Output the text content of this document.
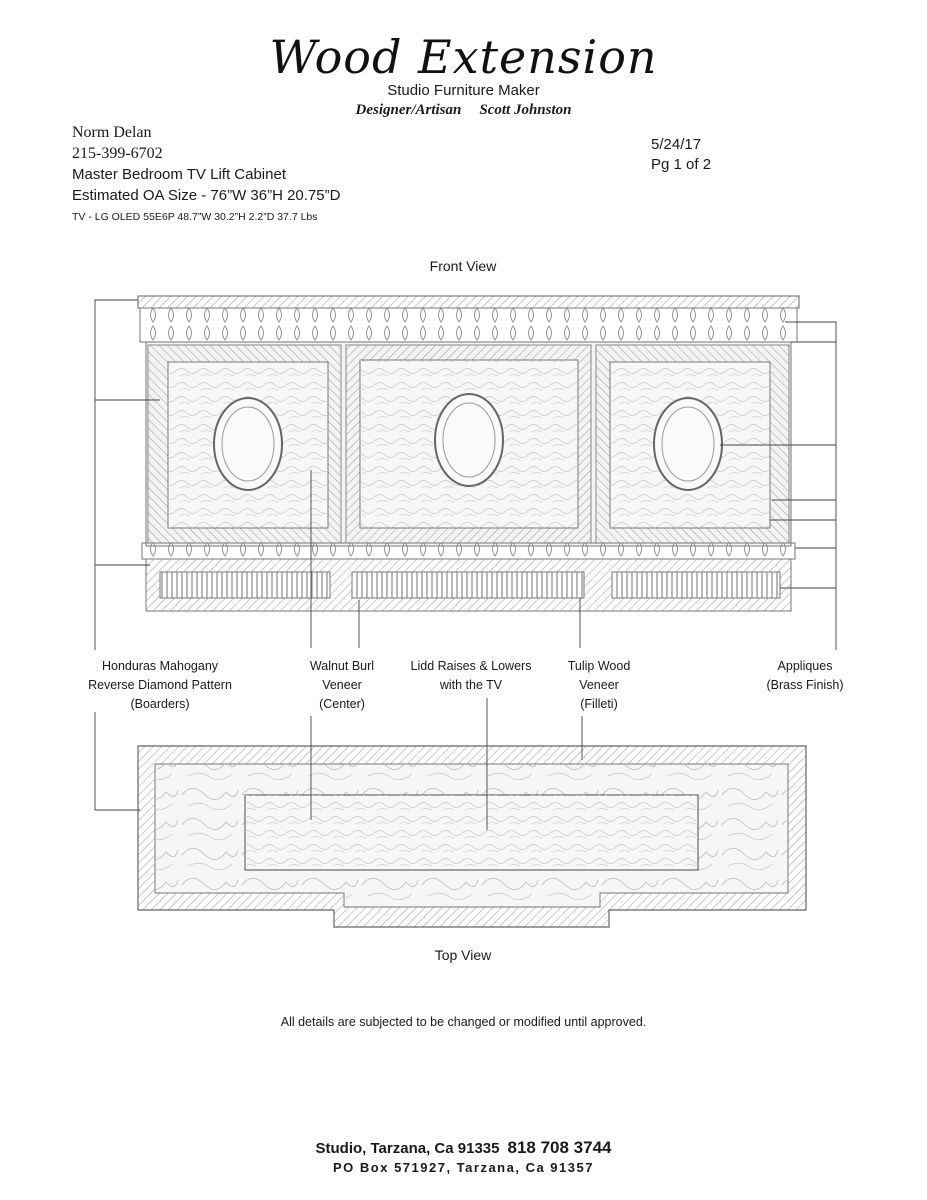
Wood Extension
Studio Furniture Maker
Designer/Artisan Scott Johnston
Norm Delan
215-399-6702
Master Bedroom TV Lift Cabinet
Estimated OA Size - 76”W 36”H 20.75”D
TV - LG OLED 55E6P 48.7”W 30.2”H 2.2”D 37.7 Lbs
5/24/17
Pg 1 of 2
Front View
Top View
Honduras Mahogany
Reverse Diamond Pattern
(Boarders)
Walnut Burl
Veneer
(Center)
Lidd Raises & Lowers
with the TV
Tulip Wood
Veneer
(Filleti)
Appliques
(Brass Finish)
All details are subjected to be changed or modified until approved.
Studio, Tarzana, Ca 91335 818 708 3744
PO Box 571927, Tarzana, Ca 91357
